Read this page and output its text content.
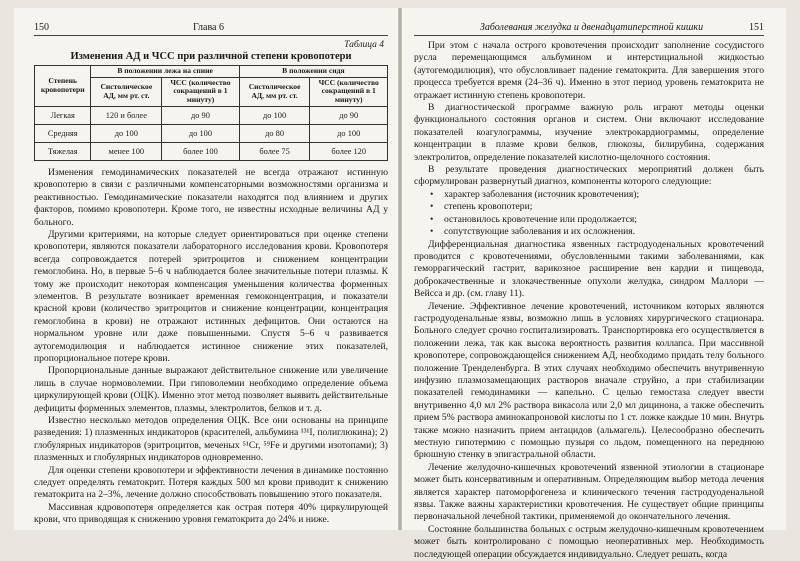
150	Глава 6
Таблица 4
Изменения АД и ЧСС при различной степени кровопотери
Степень кровопотери	В положении лежа на спине		В положении сидя	
	Систолическое АД, мм рт. ст.	ЧСС (количество сокращений в 1 минуту)	Систолическое АД, мм рт. ст.	ЧСС (количество сокращений в 1 минуту)
Легкая	120 и более	до 90	до 100	до 90
Средняя	до 100	до 100	до 80	до 100
Тяжелая	менее 100	более 100	более 75	более 120

Изменения гемодинамических показателей не всегда отражают истинную кровопотерю в связи с различными компенсаторными возможностями организма и реактивностью. Гемодинамические показатели находятся под влиянием и других факторов, помимо кровопотери. Кроме того, не известны исходные величины АД у больного.

Другими критериями, на которые следует ориентироваться при оценке степени кровопотери, являются показатели лабораторного исследования крови. Кровопотеря всегда сопровождается потерей эритроцитов и снижением концентрации гемоглобина. Но, в первые 5–6 ч наблюдается более значительные потери плазмы. К тому же происходит некоторая компенсация уменьшения количества форменных элементов. В результате возникает временная гемоконцентрация, и показатели красной крови (количество эритроцитов и снижение концентрации, концентрация гемоглобина в крови) не отражают истинных дефицитов. Они остаются на нормальном уровне или даже повышенными. Спустя 5–6 ч развивается аутогемодилюция и наблюдается истинное снижение этих показателей, пропорциональное потере крови.

Пропорциональные данные выражают действительное снижение или увеличение лишь в случае нормоволемии. При гиповолемии необходимо определение объема циркулирующей крови (ОЦК). Именно этот метод позволяет выявить действительные дефициты форменных элементов, плазмы, электролитов, белков и т. д.

Известно несколько методов определения ОЦК. Все они основаны на принципе разведения: 1) плазменных индикаторов (красителей, альбумина ¹³¹I, полиглюкина); 2) глобулярных индикаторов (эритроцитов, меченых ⁵¹Cr, ⁵⁹Fe и другими изотопами); 3) плазменных и глобулярных индикаторов одновременно.

Для оценки степени кровопотери и эффективности лечения в динамике постоянно следует определять гематокрит. Потеря каждых 500 мл крови приводит к снижению гематокрита на 2–3%, лечение должно способствовать повышению этого показателя.

Массивная кдровопотеря определяется как острая потеря 40% циркулирующей крови, что приводящая к снижению уровня гематокрита до 24% и ниже.

Заболевания желудка и двенадцатиперстной кишки	151

При этом с начала острого кровотечения происходит заполнение сосудистого русла перемещающимся альбумином и интерстициальной жидкостью (аутогемодилюция), что обусловливает падение гематокрита. Для завершения этого процесса требуется время (24–36 ч). Именно в этот период уровень гематокрита не отражает истинную степень кровопотери.

В диагностической программе важную роль играют методы оценки функционального состояния органов и систем. Они включают исследование показателей коагулограммы, изучение электрокардиограммы, определение концентрации в плазме крови белков, глюкозы, билирубина, содержания электролитов, определение показателей кислотно-щелочного состояния.

В результате проведения диагностических мероприятий должен быть сформулирован развернутый диагноз, компоненты которого следующие:

• характер заболевания (источник кровотечения);
• степень кровопотери;
• остановилось кровотечение или продолжается;
• сопутствующие заболевания и их осложнения.

Дифференциальная диагностика язвенных гастродуоденальных кровотечений проводится с кровотечениями, обусловленными такими заболеваниями, как геморрагический гастрит, варикозное расширение вен кардии и пищевода, доброкачественные и злокачественные опухоли желудка, синдром Маллори — Вейсса и др. (см. главу 11).

Лечение. Эффективное лечение кровотечений, источником которых являются гастродуоденальные язвы, возможно лишь в условиях хирургического стационара. Больного следует срочно госпитализировать. Транспортировка его осуществляется в положении лежа, так как высока вероятность развития коллапса. При массивной кровопотере, сопровождающейся снижением АД, необходимо придать телу больного положение Тренделенбурга. В этих случаях необходимо обеспечить внутривенную инфузию плазмозамещающих растворов вначале струйно, а при стабилизации показателей гемодинамики — капельно. С целью гемостаза следует ввести внутривенно 4,0 мл 2% раствора викасола или 2,0 мл дицинона, а также обеспечить прием 5% раствора аминокапроновой кислоты по 1 ст. ложке каждые 10 мин. Внутрь также можно назначить прием антацидов (альмагель). Целесообразно обеспечить местную гипотермию с помощью пузыря со льдом, помещенного на переднюю брюшную стенку в эпигастральной области.

Лечение желудочно-кишечных кровотечений язвенной этиологии в стационаре может быть консервативным и оперативным. Определяющим выбор метода лечения является характер патоморфогенеза и клинического течения гастродуоденальной язвы. Также важны характеристики кровотечения. Не существует общие принципы первоначальной лечебной тактики, применяемой до окончательного лечения.

Состояние большинства больных с острым желудочно-кишечным кровотечением может быть контролировано с помощью неоперативных мер. Необходимость последующей операции обсуждается индивидуально. Следует решать, когда
